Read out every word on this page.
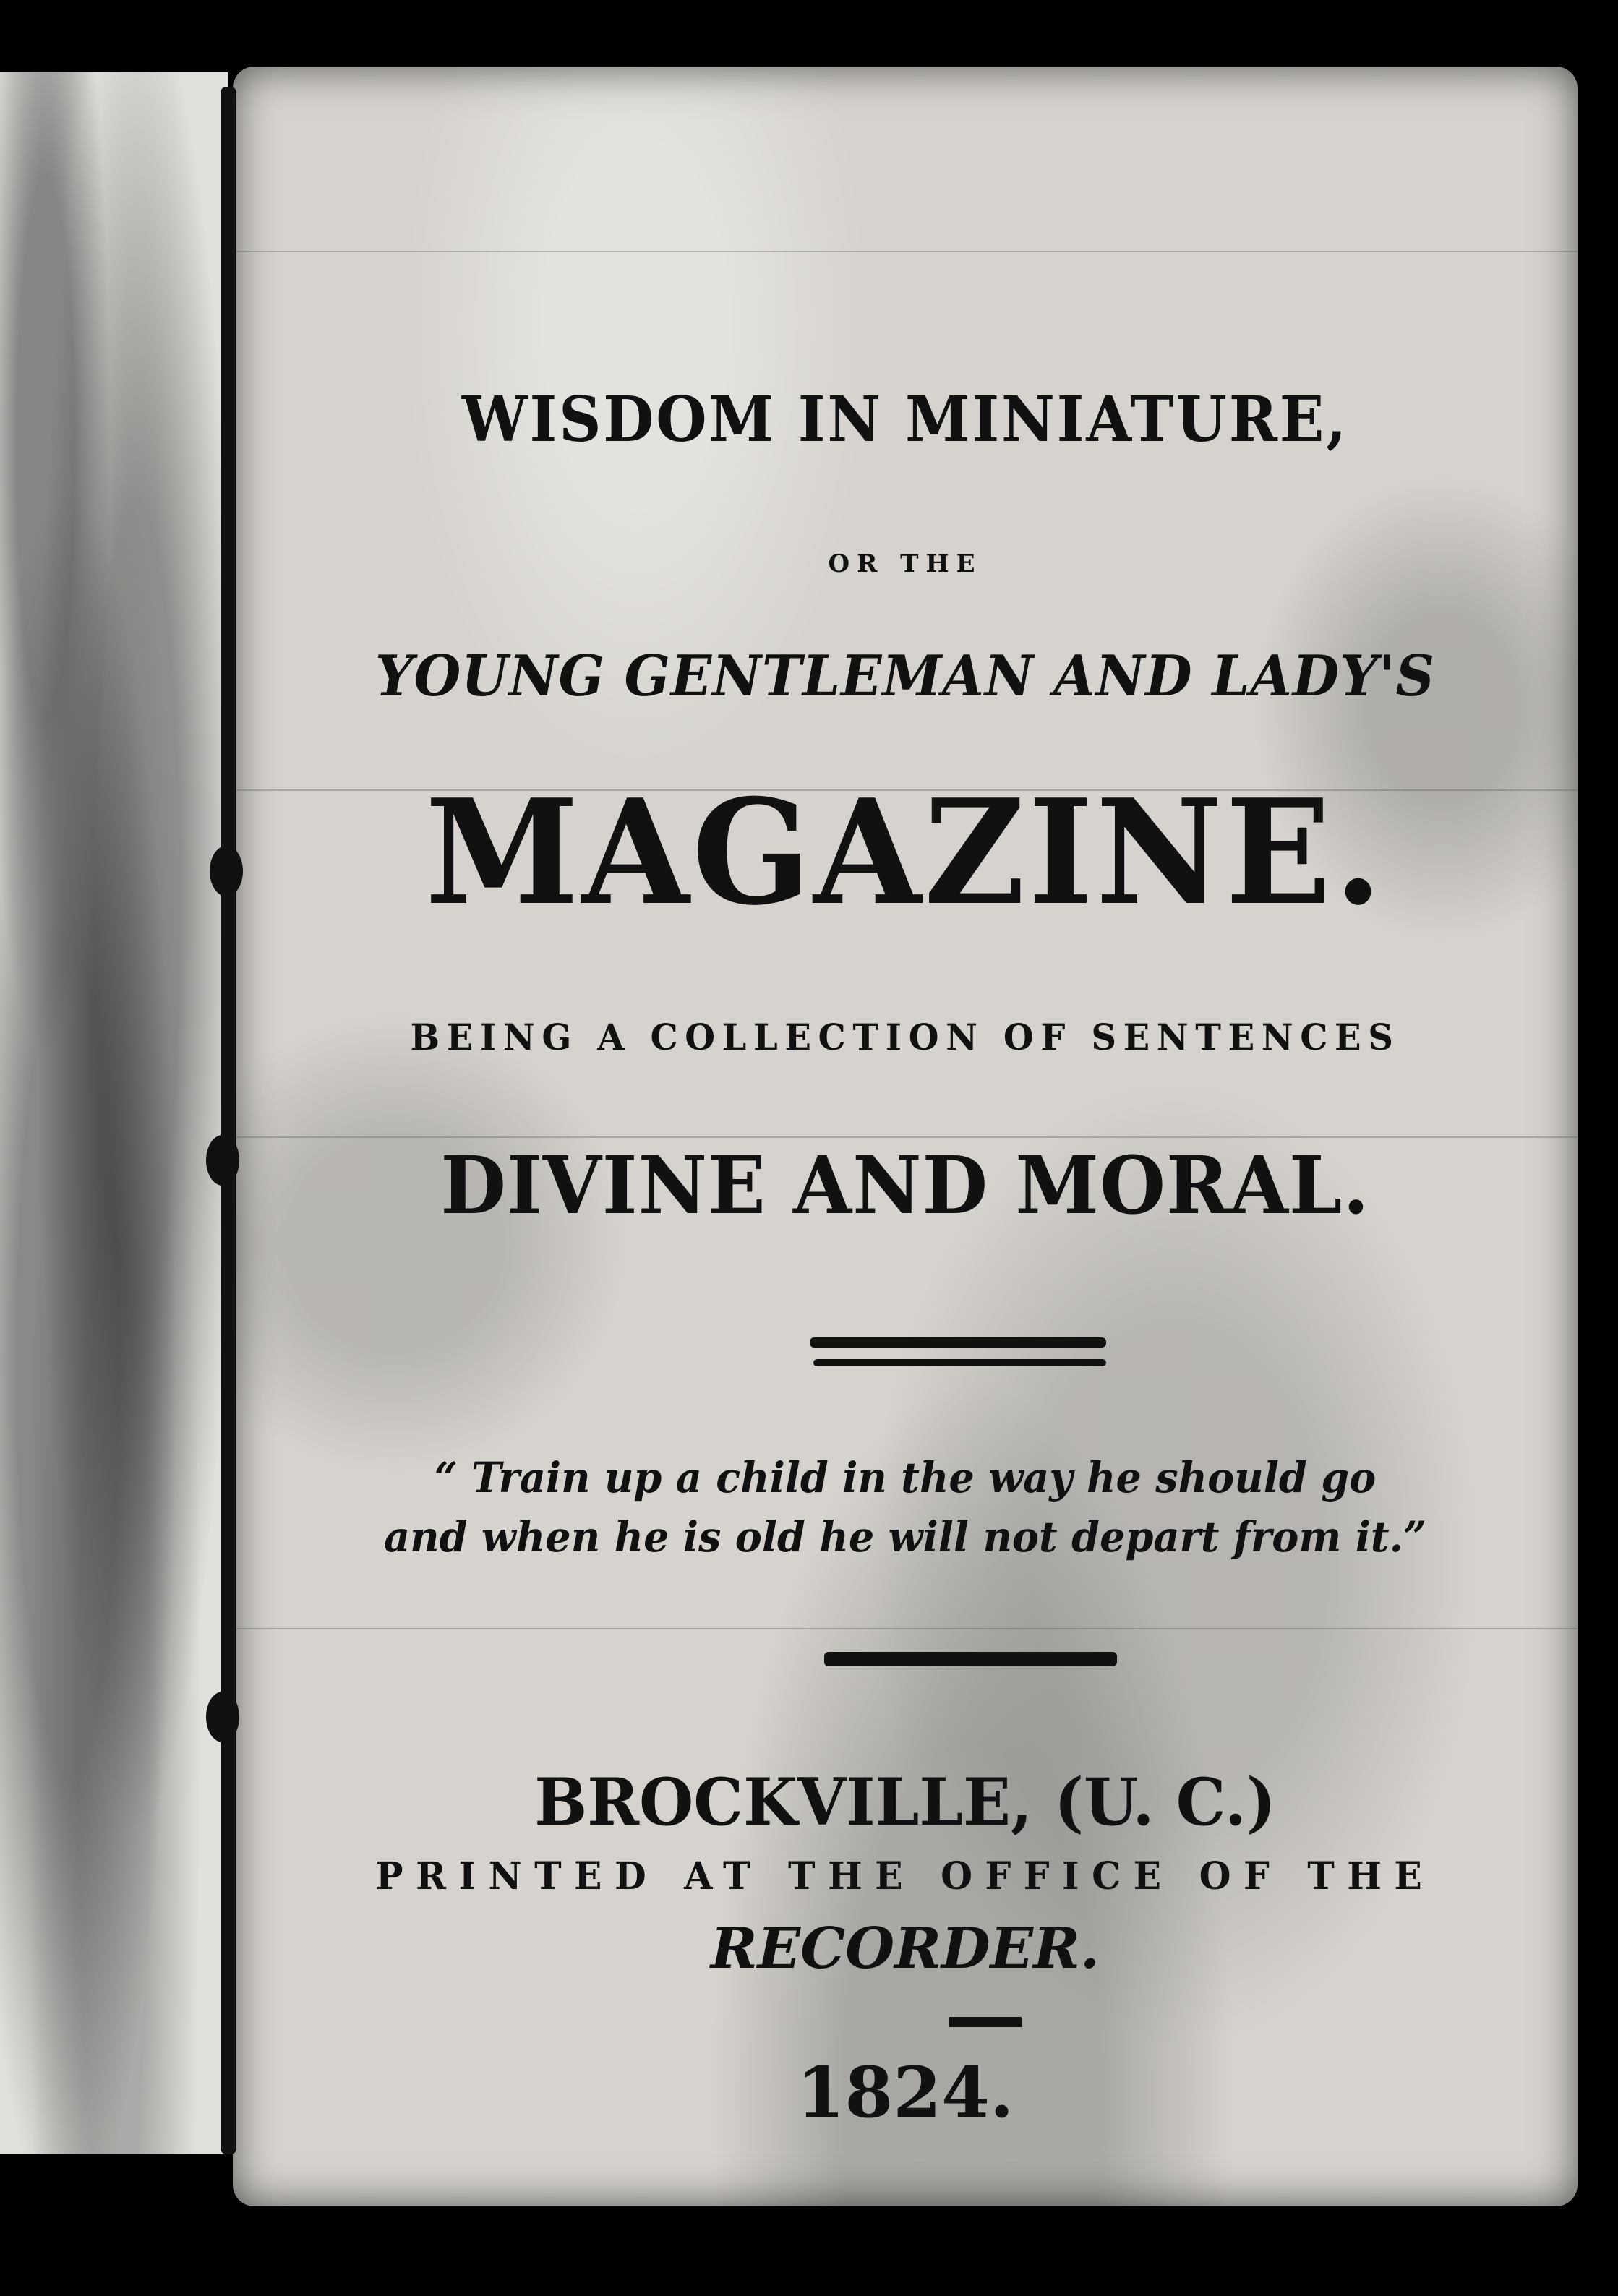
WISDOM IN MINIATURE,

OR THE

YOUNG GENTLEMAN AND LADY'S

MAGAZINE.

BEING A COLLECTION OF SENTENCES

DIVINE AND MORAL.

“ Train up a child in the way he should go

and when he is old he will not depart from it.”

BROCKVILLE, (U. C.)

PRINTED AT THE OFFICE OF THE

RECORDER.

1824.
